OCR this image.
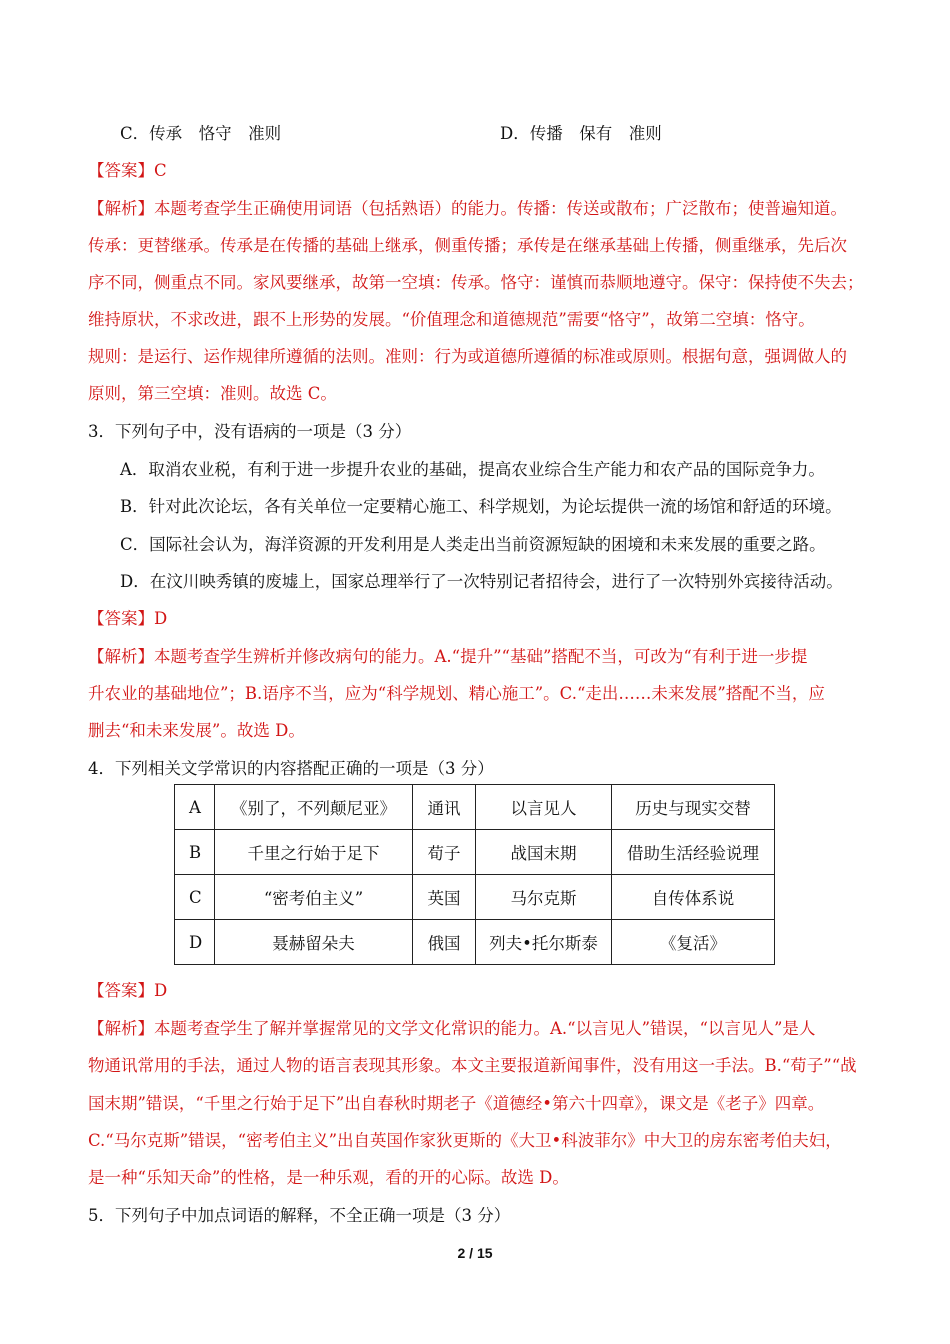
C．传承　恪守　准则	D．传播　保有　准则
【答案】C
【解析】本题考查学生正确使用词语（包括熟语）的能力。传播：传送或散布；广泛散布；使普遍知道。
传承：更替继承。传承是在传播的基础上继承，侧重传播；承传是在继承基础上传播，侧重继承，先后次
序不同，侧重点不同。家风要继承，故第一空填：传承。恪守：谨慎而恭顺地遵守。保守：保持使不失去；
维持原状，不求改进，跟不上形势的发展。“价值理念和道德规范”需要“恪守”，故第二空填：恪守。
规则：是运行、运作规律所遵循的法则。准则：行为或道德所遵循的标准或原则。根据句意，强调做人的
原则，第三空填：准则。故选 C。
3．下列句子中，没有语病的一项是（3 分）
A．取消农业税，有利于进一步提升农业的基础，提高农业综合生产能力和农产品的国际竞争力。
B．针对此次论坛，各有关单位一定要精心施工、科学规划，为论坛提供一流的场馆和舒适的环境。
C．国际社会认为，海洋资源的开发利用是人类走出当前资源短缺的困境和未来发展的重要之路。
D．在汶川映秀镇的废墟上，国家总理举行了一次特别记者招待会，进行了一次特别外宾接待活动。
【答案】D
【解析】本题考查学生辨析并修改病句的能力。A.“提升”“基础”搭配不当，可改为“有利于进一步提
升农业的基础地位”；B.语序不当，应为“科学规划、精心施工”。C.“走出……未来发展”搭配不当，应
删去“和未来发展”。故选 D。
4．下列相关文学常识的内容搭配正确的一项是（3 分）
A	《别了，不列颠尼亚》	通讯	以言见人	历史与现实交替
B	千里之行始于足下	荀子	战国末期	借助生活经验说理
C	“密考伯主义”	英国	马尔克斯	自传体系说
D	聂赫留朵夫	俄国	列夫•托尔斯泰	《复活》
【答案】D
【解析】本题考查学生了解并掌握常见的文学文化常识的能力。A.“以言见人”错误，“以言见人”是人
物通讯常用的手法，通过人物的语言表现其形象。本文主要报道新闻事件，没有用这一手法。B.“荀子”“战
国末期”错误，“千里之行始于足下”出自春秋时期老子《道德经•第六十四章》，课文是《老子》四章。
C.“马尔克斯”错误，“密考伯主义”出自英国作家狄更斯的《大卫•科波菲尔》中大卫的房东密考伯夫妇，
是一种“乐知天命”的性格，是一种乐观，看的开的心际。故选 D。
5．下列句子中加点词语的解释，不全正确一项是（3 分）
2 / 15
